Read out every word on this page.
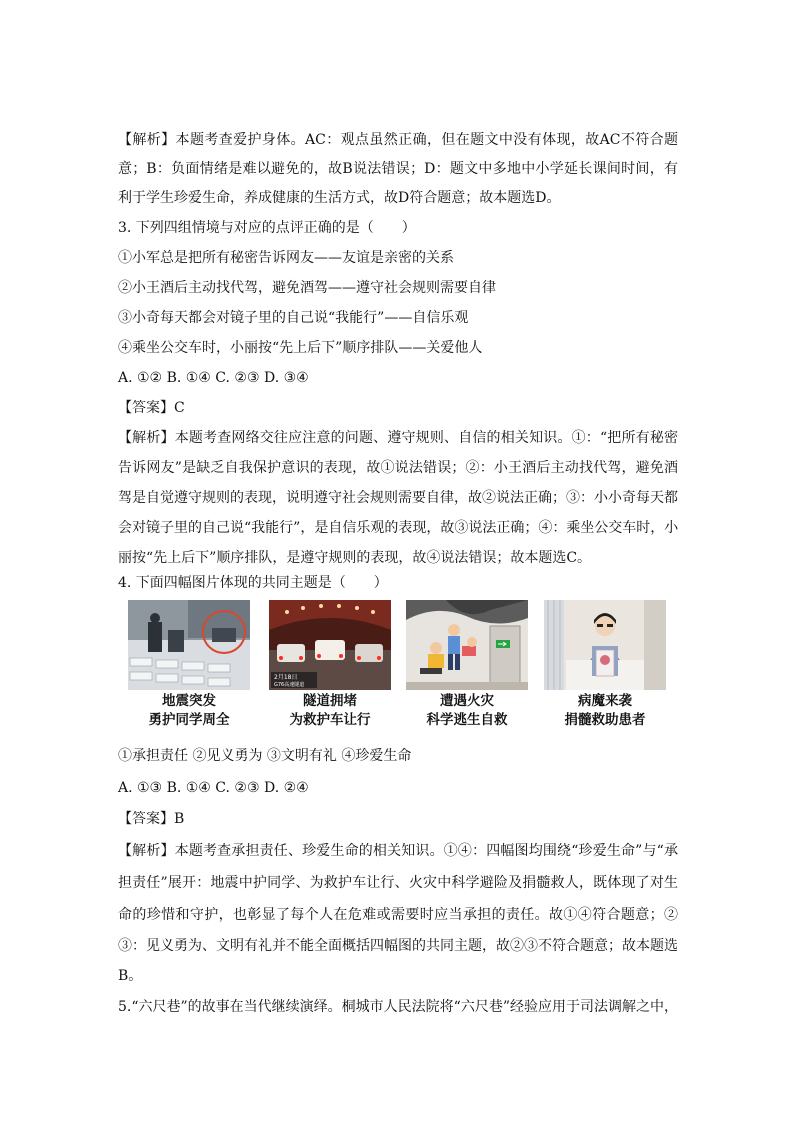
【解析】本题考查爱护身体。AC：观点虽然正确，但在题文中没有体现，故AC不符合题
意；B：负面情绪是难以避免的，故B说法错误；D：题文中多地中小学延长课间时间，有
利于学生珍爱生命，养成健康的生活方式，故D符合题意；故本题选D。
3. 下列四组情境与对应的点评正确的是（　　）
①小军总是把所有秘密告诉网友——友谊是亲密的关系
②小王酒后主动找代驾，避免酒驾——遵守社会规则需要自律
③小奇每天都会对镜子里的自己说“我能行”——自信乐观
④乘坐公交车时，小丽按“先上后下”顺序排队——关爱他人
A. ①② B. ①④ C. ②③ D. ③④
【答案】C
【解析】本题考查网络交往应注意的问题、遵守规则、自信的相关知识。①：“把所有秘密
告诉网友”是缺乏自我保护意识的表现，故①说法错误；②：小王酒后主动找代驾，避免酒
驾是自觉遵守规则的表现，说明遵守社会规则需要自律，故②说法正确；③：小小奇每天都
会对镜子里的自己说“我能行”，是自信乐观的表现，故③说法正确；④：乘坐公交车时，小
丽按“先上后下”顺序排队，是遵守规则的表现，故④说法错误；故本题选C。
4. 下面四幅图片体现的共同主题是（　　）
地震突发
勇护同学周全
2月18日
G76高速隧道
隧道拥堵
为救护车让行
遭遇火灾
科学逃生自救
病魔来袭
捐髓救助患者
①承担责任 ②见义勇为 ③文明有礼 ④珍爱生命
A. ①③ B. ①④ C. ②③ D. ②④
【答案】B
【解析】本题考查承担责任、珍爱生命的相关知识。①④：四幅图均围绕“珍爱生命”与“承
担责任”展开：地震中护同学、为救护车让行、火灾中科学避险及捐髓救人，既体现了对生
命的珍惜和守护，也彰显了每个人在危难或需要时应当承担的责任。故①④符合题意；②
③：见义勇为、文明有礼并不能全面概括四幅图的共同主题，故②③不符合题意；故本题选
B。
5.“六尺巷”的故事在当代继续演绎。桐城市人民法院将“六尺巷”经验应用于司法调解之中，
